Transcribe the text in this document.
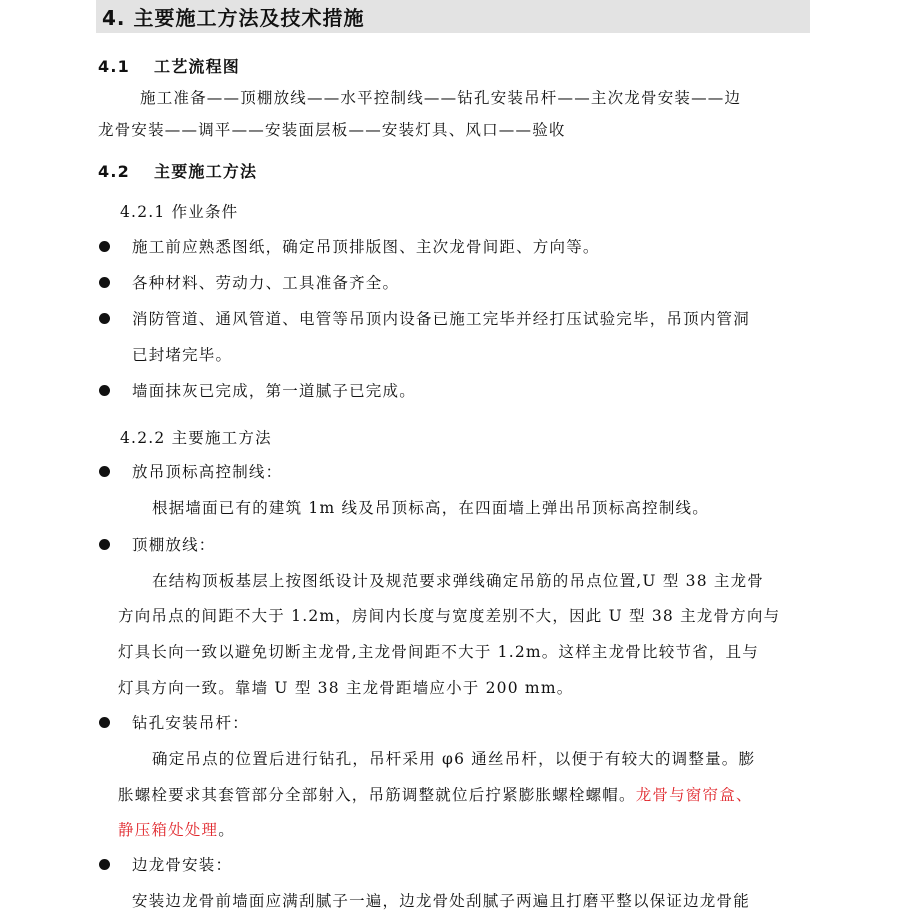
4. 主要施工方法及技术措施
4.1 工艺流程图
施工准备——顶棚放线——水平控制线——钻孔安装吊杆——主次龙骨安装——边
龙骨安装——调平——安装面层板——安装灯具、风口——验收
4.2 主要施工方法
4.2.1 作业条件
施工前应熟悉图纸，确定吊顶排版图、主次龙骨间距、方向等。
各种材料、劳动力、工具准备齐全。
消防管道、通风管道、电管等吊顶内设备已施工完毕并经打压试验完毕，吊顶内管洞
已封堵完毕。
墙面抹灰已完成，第一道腻子已完成。
4.2.2 主要施工方法
放吊顶标高控制线：
根据墙面已有的建筑 1m 线及吊顶标高，在四面墙上弹出吊顶标高控制线。
顶棚放线：
在结构顶板基层上按图纸设计及规范要求弹线确定吊筋的吊点位置,U 型 38 主龙骨
方向吊点的间距不大于 1.2m，房间内长度与宽度差别不大，因此 U 型 38 主龙骨方向与
灯具长向一致以避免切断主龙骨,主龙骨间距不大于 1.2m。这样主龙骨比较节省，且与
灯具方向一致。靠墙 U 型 38 主龙骨距墙应小于 200 mm。
钻孔安装吊杆：
确定吊点的位置后进行钻孔，吊杆采用 φ6 通丝吊杆，以便于有较大的调整量。膨
胀螺栓要求其套管部分全部射入，吊筋调整就位后拧紧膨胀螺栓螺帽。龙骨与窗帘盒、
静压箱处处理。
边龙骨安装：
安装边龙骨前墙面应满刮腻子一遍，边龙骨处刮腻子两遍且打磨平整以保证边龙骨能
